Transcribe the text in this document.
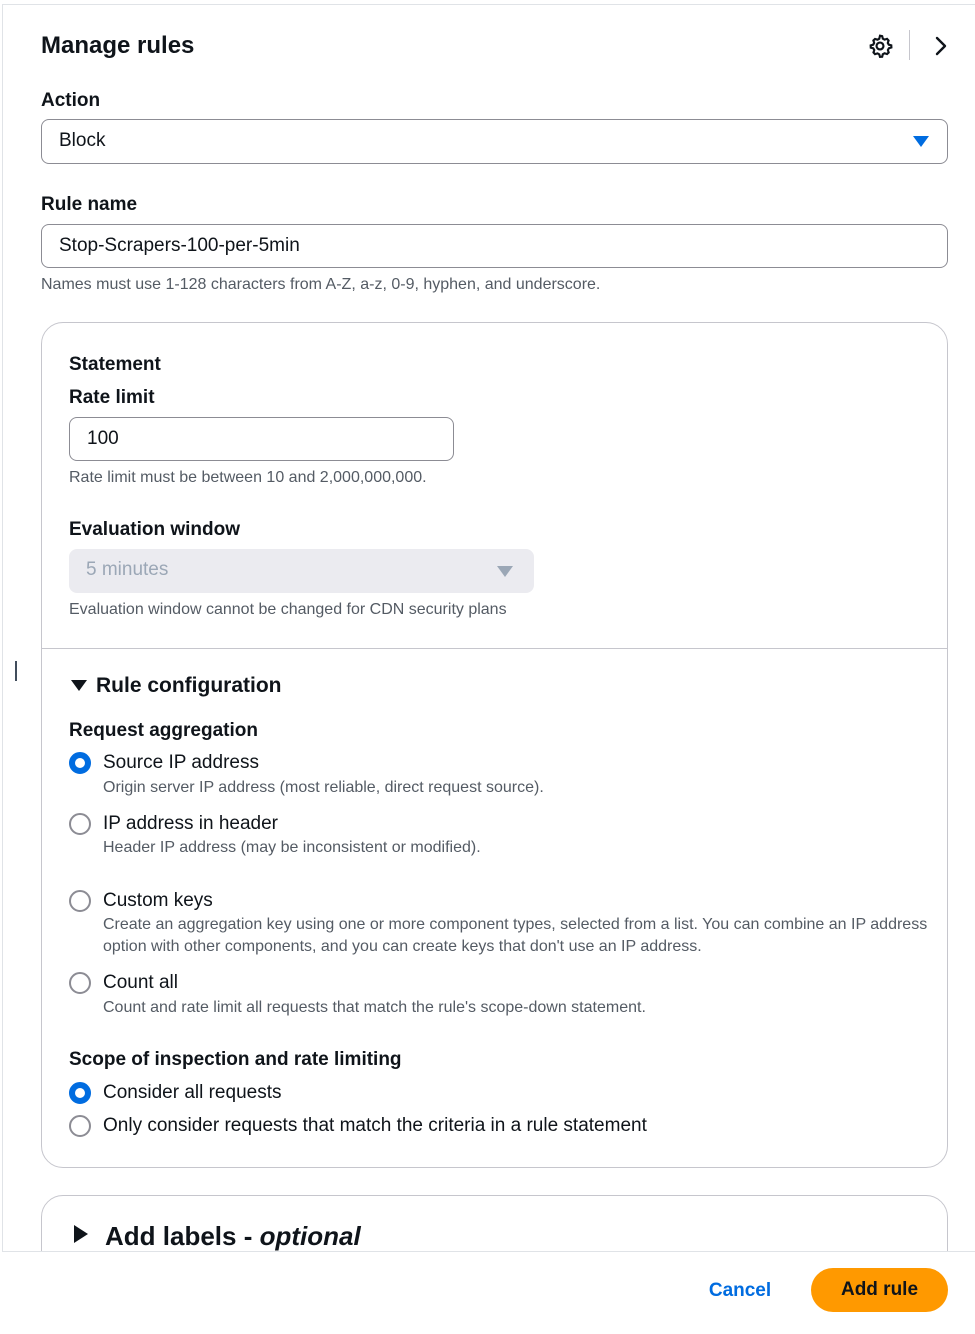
Manage rules
Action
Block
Rule name
Stop-Scrapers-100-per-5min
Names must use 1-128 characters from A-Z, a-z, 0-9, hyphen, and underscore.
Statement
Rate limit
100
Rate limit must be between 10 and 2,000,000,000.
Evaluation window
5 minutes
Evaluation window cannot be changed for CDN security plans
Rule configuration
Request aggregation
Source IP address
Origin server IP address (most reliable, direct request source).
IP address in header
Header IP address (may be inconsistent or modified).
Custom keys
Create an aggregation key using one or more component types, selected from a list. You can combine an IP address option with other components, and you can create keys that don't use an IP address.
Count all
Count and rate limit all requests that match the rule's scope-down statement.
Scope of inspection and rate limiting
Consider all requests
Only consider requests that match the criteria in a rule statement
Add labels - optional
Cancel	Add rule
